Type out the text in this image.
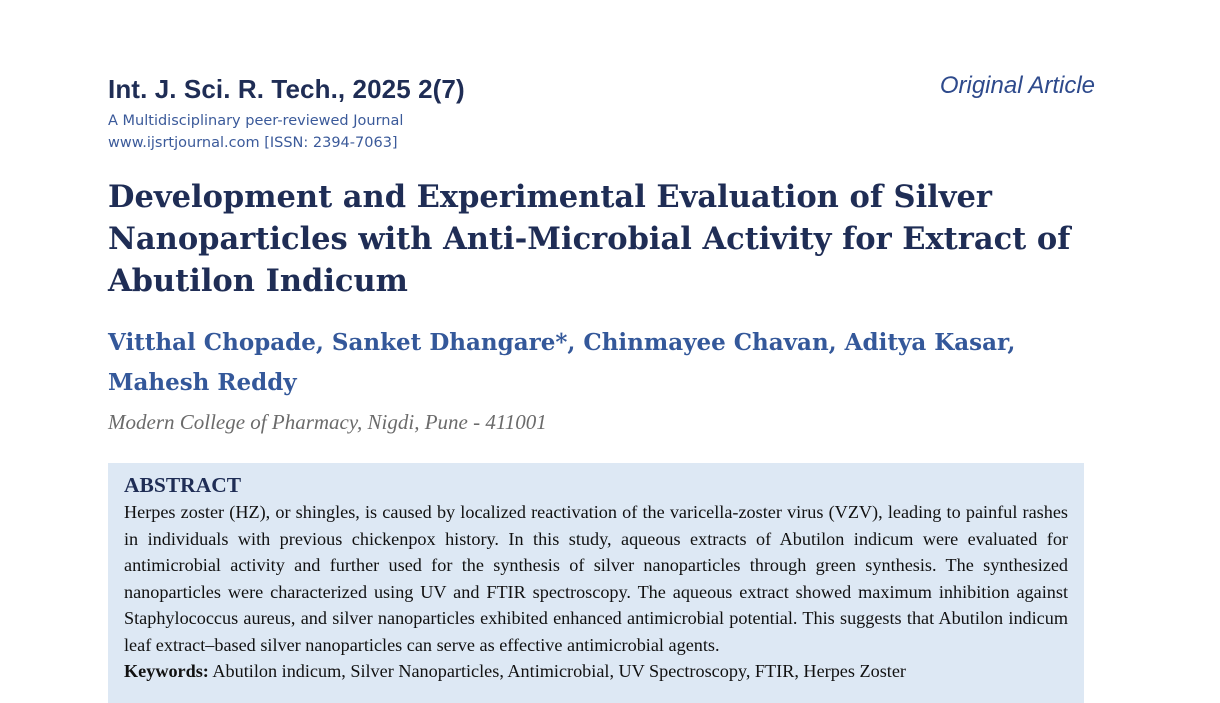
Int. J. Sci. R. Tech., 2025 2(7)	Original Article
A Multidisciplinary peer-reviewed Journal
www.ijsrtjournal.com [ISSN: 2394-7063]
Development and Experimental Evaluation of Silver Nanoparticles with Anti-Microbial Activity for Extract of Abutilon Indicum
Vitthal Chopade, Sanket Dhangare*, Chinmayee Chavan, Aditya Kasar, Mahesh Reddy
Modern College of Pharmacy, Nigdi, Pune - 411001
ABSTRACT

Herpes zoster (HZ), or shingles, is caused by localized reactivation of the varicella-zoster virus (VZV), leading to painful rashes in individuals with previous chickenpox history. In this study, aqueous extracts of Abutilon indicum were evaluated for antimicrobial activity and further used for the synthesis of silver nanoparticles through green synthesis. The synthesized nanoparticles were characterized using UV and FTIR spectroscopy. The aqueous extract showed maximum inhibition against Staphylococcus aureus, and silver nanoparticles exhibited enhanced antimicrobial potential. This suggests that Abutilon indicum leaf extract–based silver nanoparticles can serve as effective antimicrobial agents.

Keywords: Abutilon indicum, Silver Nanoparticles, Antimicrobial, UV Spectroscopy, FTIR, Herpes Zoster
